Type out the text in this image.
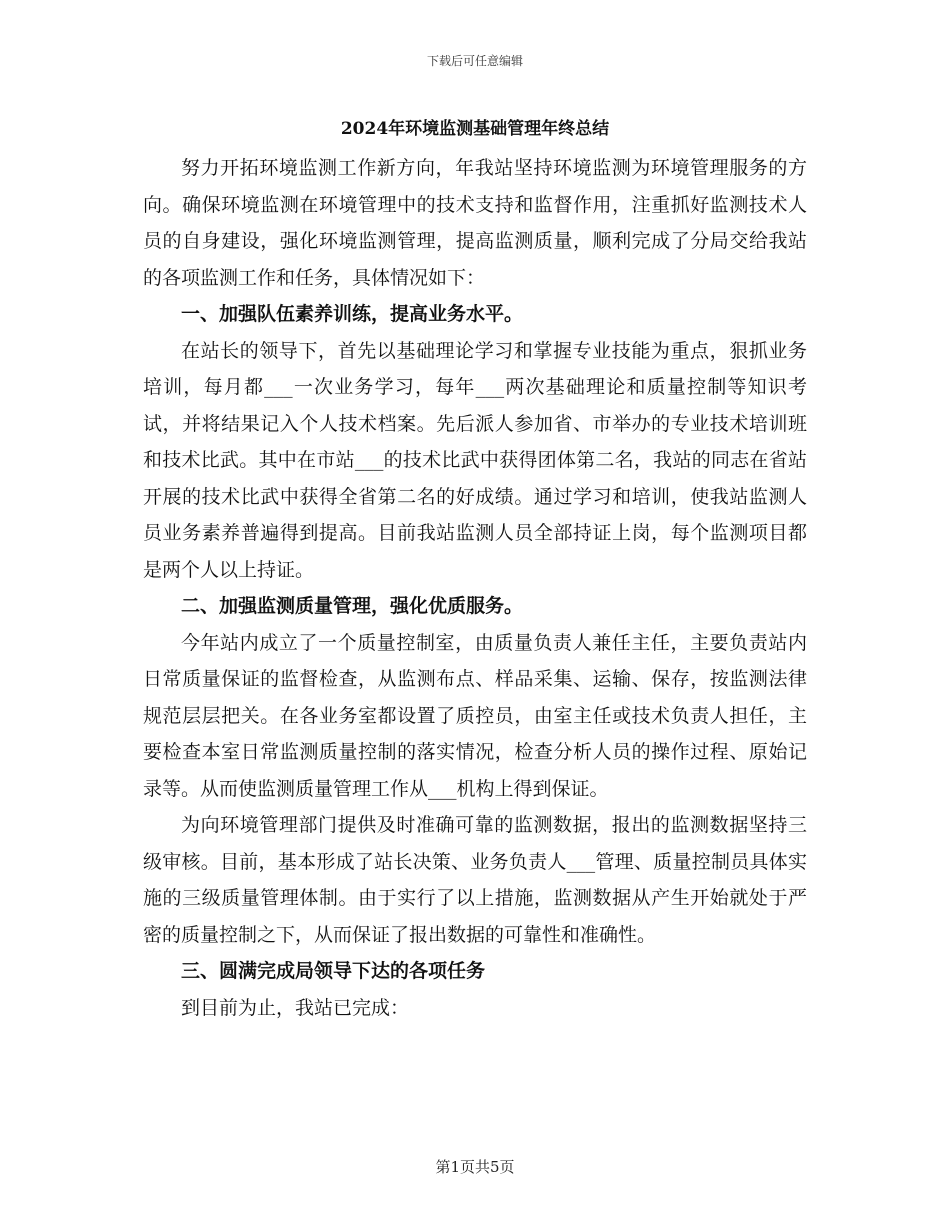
下载后可任意编辑
2024年环境监测基础管理年终总结

努力开拓环境监测工作新方向，年我站坚持环境监测为环境管理服务的方向。确保环境监测在环境管理中的技术支持和监督作用，注重抓好监测技术人员的自身建设，强化环境监测管理，提高监测质量，顺利完成了分局交给我站的各项监测工作和任务，具体情况如下：

一、加强队伍素养训练，提高业务水平。

在站长的领导下，首先以基础理论学习和掌握专业技能为重点，狠抓业务培训，每月都___一次业务学习，每年___两次基础理论和质量控制等知识考试，并将结果记入个人技术档案。先后派人参加省、市举办的专业技术培训班和技术比武。其中在市站___的技术比武中获得团体第二名，我站的同志在省站开展的技术比武中获得全省第二名的好成绩。通过学习和培训，使我站监测人员业务素养普遍得到提高。目前我站监测人员全部持证上岗，每个监测项目都是两个人以上持证。

二、加强监测质量管理，强化优质服务。

今年站内成立了一个质量控制室，由质量负责人兼任主任，主要负责站内日常质量保证的监督检查，从监测布点、样品采集、运输、保存，按监测法律规范层层把关。在各业务室都设置了质控员，由室主任或技术负责人担任，主要检查本室日常监测质量控制的落实情况，检查分析人员的操作过程、原始记录等。从而使监测质量管理工作从___机构上得到保证。

为向环境管理部门提供及时准确可靠的监测数据，报出的监测数据坚持三级审核。目前，基本形成了站长决策、业务负责人___管理、质量控制员具体实施的三级质量管理体制。由于实行了以上措施，监测数据从产生开始就处于严密的质量控制之下，从而保证了报出数据的可靠性和准确性。

三、圆满完成局领导下达的各项任务

到目前为止，我站已完成：

第1页共5页
